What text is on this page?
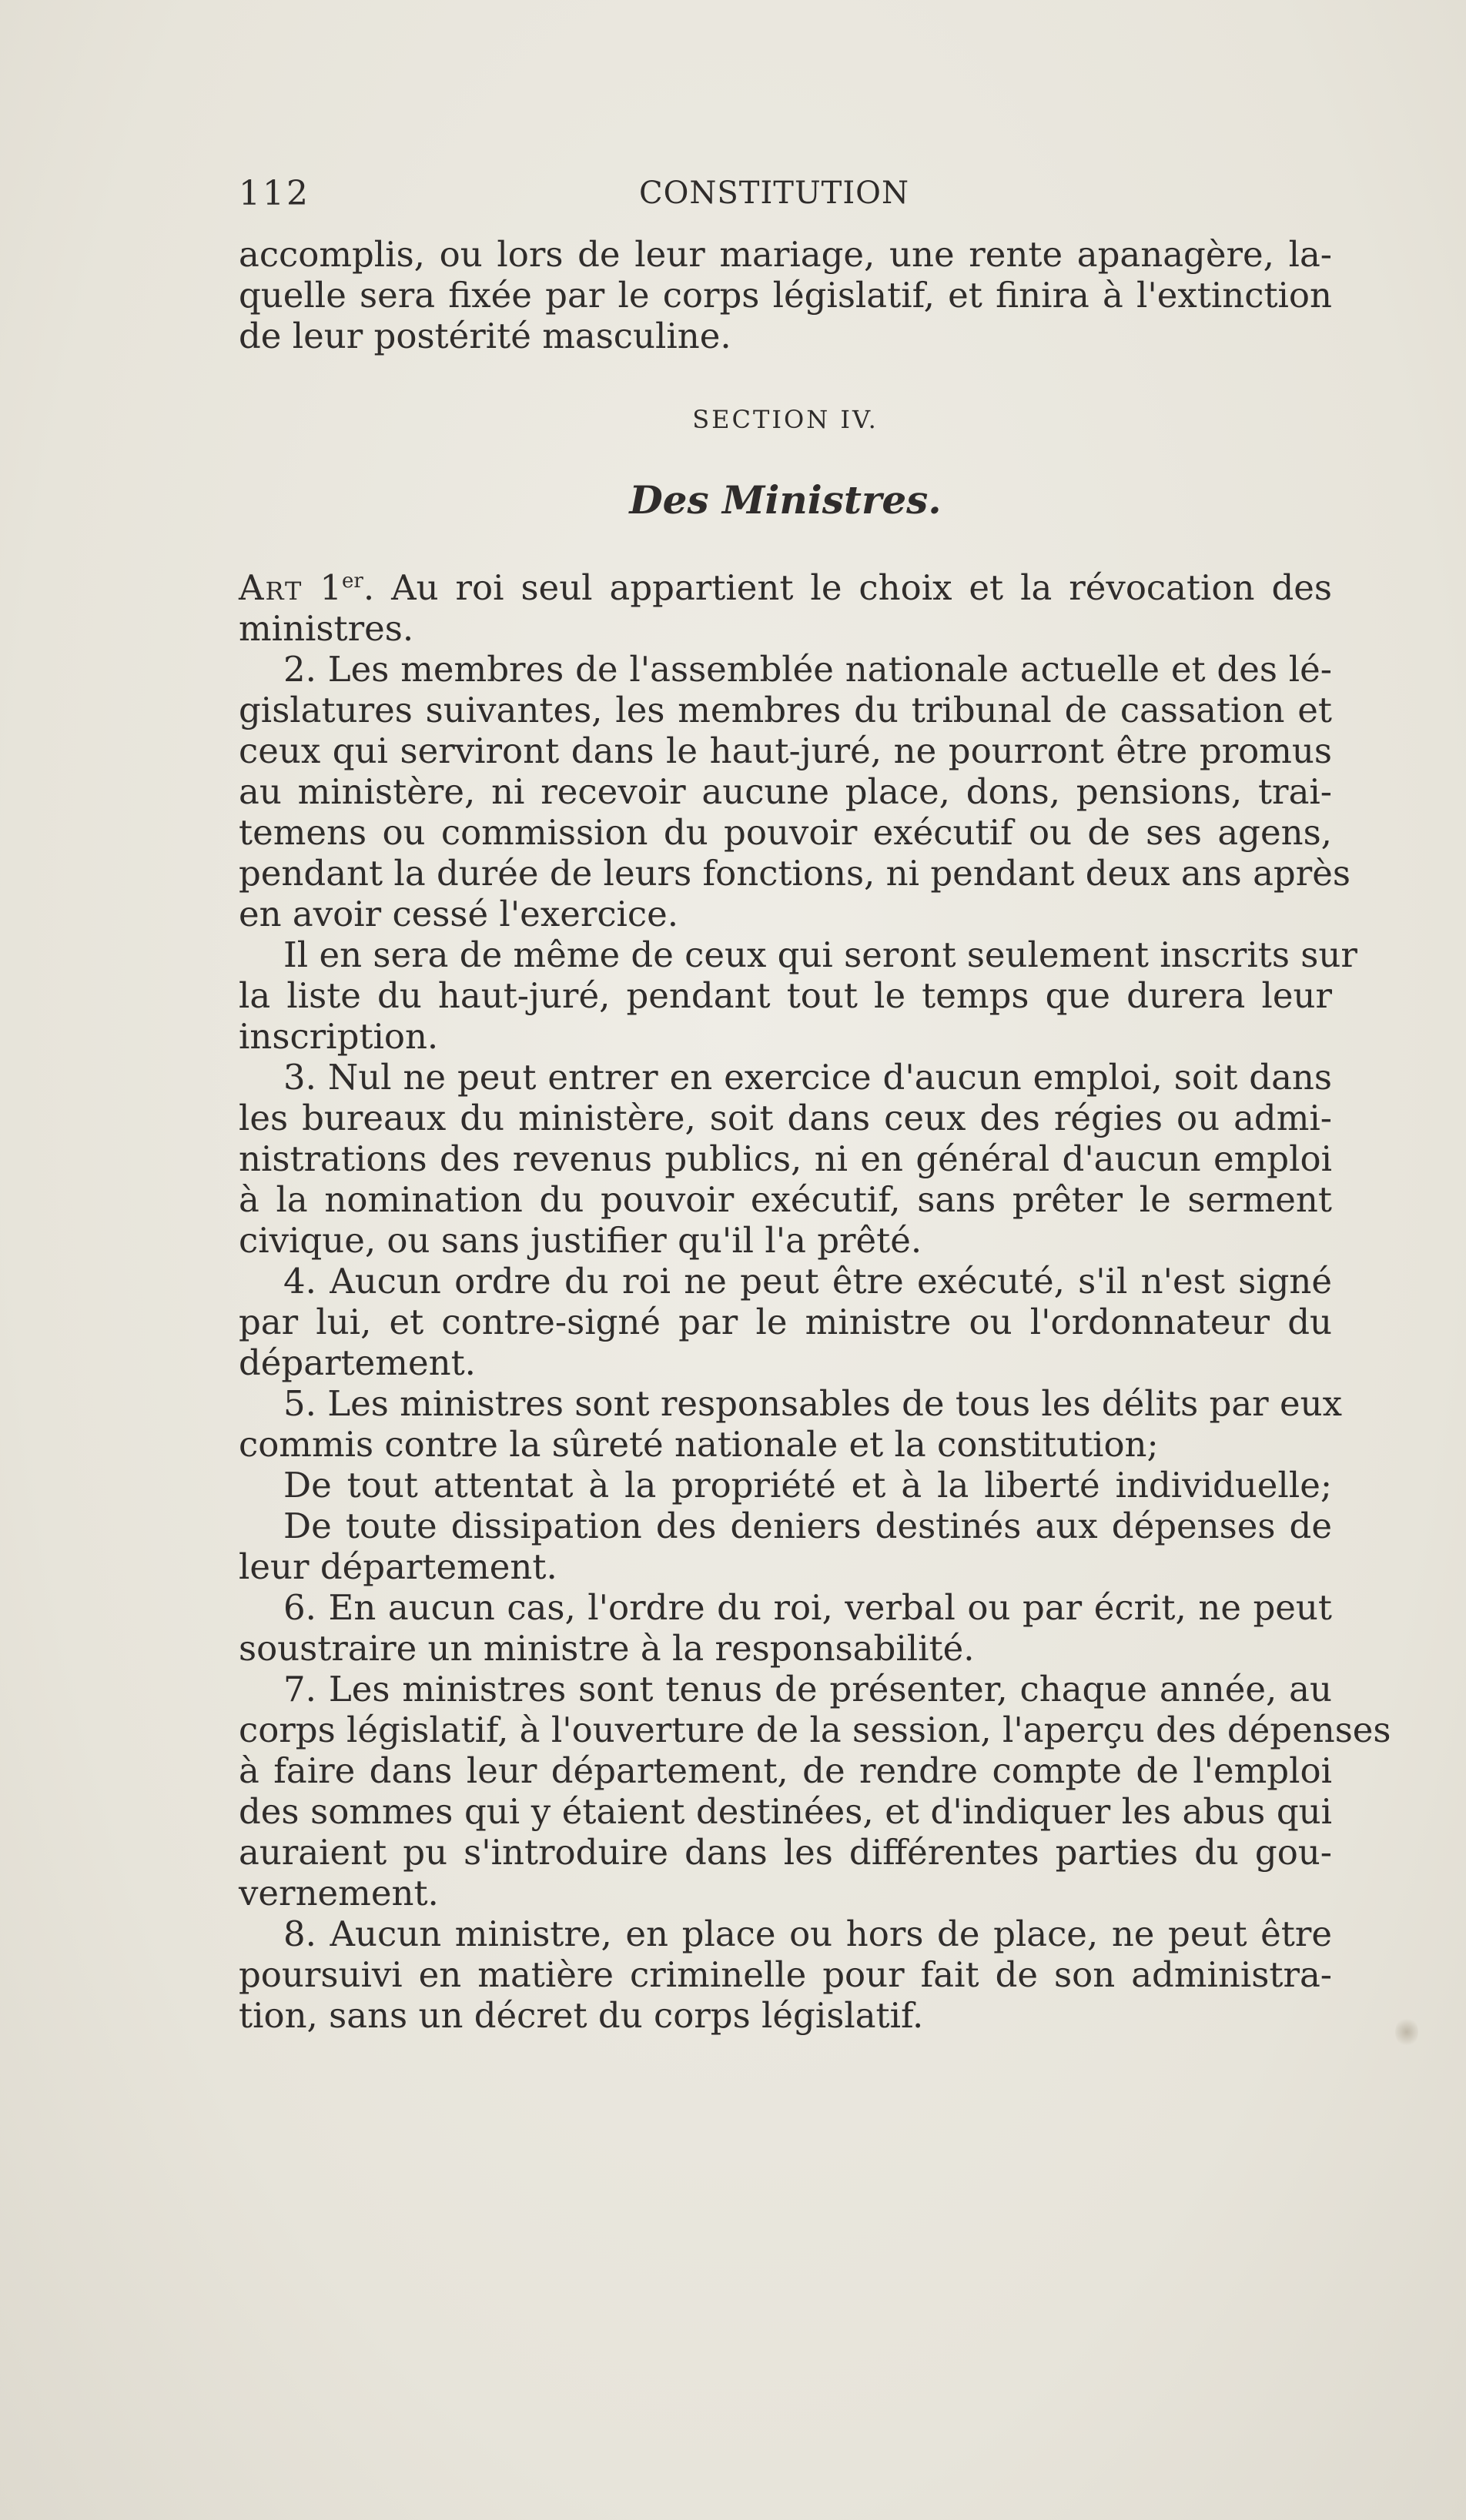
112	CONSTITUTION
accomplis, ou lors de leur mariage, une rente apanagère, la-
quelle sera fixée par le corps législatif, et finira à l'extinction
de leur postérité masculine.
SECTION IV.
Des Ministres.
Art 1er. Au roi seul appartient le choix et la révocation des
ministres.
2. Les membres de l'assemblée nationale actuelle et des lé-
gislatures suivantes, les membres du tribunal de cassation et
ceux qui serviront dans le haut-juré, ne pourront être promus
au ministère, ni recevoir aucune place, dons, pensions, trai-
temens ou commission du pouvoir exécutif ou de ses agens,
pendant la durée de leurs fonctions, ni pendant deux ans après
en avoir cessé l'exercice.
Il en sera de même de ceux qui seront seulement inscrits sur
la liste du haut-juré, pendant tout le temps que durera leur
inscription.
3. Nul ne peut entrer en exercice d'aucun emploi, soit dans
les bureaux du ministère, soit dans ceux des régies ou admi-
nistrations des revenus publics, ni en général d'aucun emploi
à la nomination du pouvoir exécutif, sans prêter le serment
civique, ou sans justifier qu'il l'a prêté.
4. Aucun ordre du roi ne peut être exécuté, s'il n'est signé
par lui, et contre-signé par le ministre ou l'ordonnateur du
département.
5. Les ministres sont responsables de tous les délits par eux
commis contre la sûreté nationale et la constitution;
De tout attentat à la propriété et à la liberté individuelle;
De toute dissipation des deniers destinés aux dépenses de
leur département.
6. En aucun cas, l'ordre du roi, verbal ou par écrit, ne peut
soustraire un ministre à la responsabilité.
7. Les ministres sont tenus de présenter, chaque année, au
corps législatif, à l'ouverture de la session, l'aperçu des dépenses
à faire dans leur département, de rendre compte de l'emploi
des sommes qui y étaient destinées, et d'indiquer les abus qui
auraient pu s'introduire dans les différentes parties du gou-
vernement.
8. Aucun ministre, en place ou hors de place, ne peut être
poursuivi en matière criminelle pour fait de son administra-
tion, sans un décret du corps législatif.
